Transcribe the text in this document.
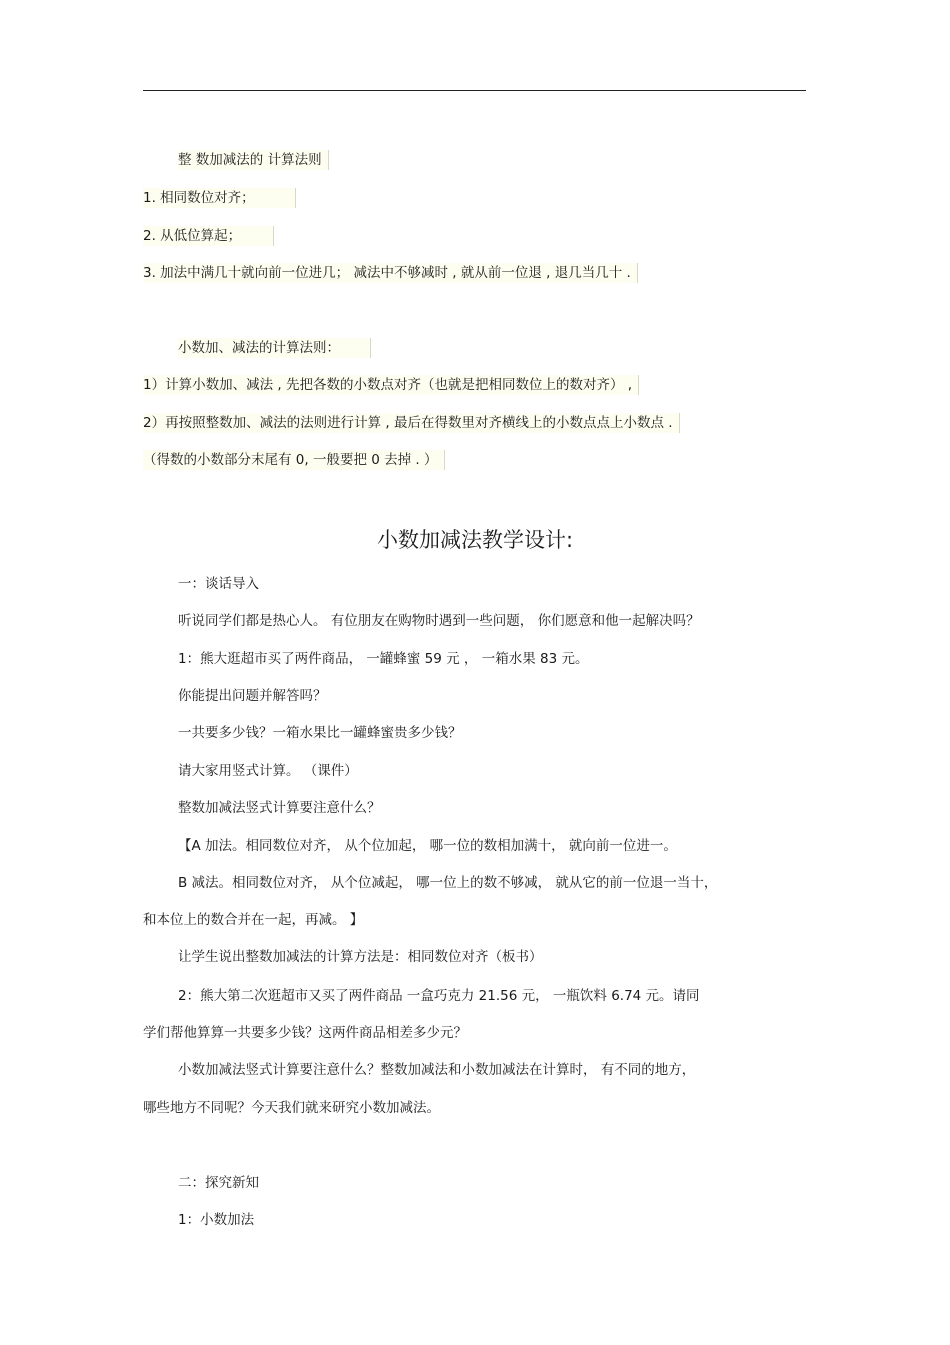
整 数加减法的 计算法则
1. 相同数位对齐；
2. 从低位算起；
3. 加法中满几十就向前一位进几； 减法中不够减时 , 就从前一位退 , 退几当几十 .
小数加、减法的计算法则：
1）计算小数加、减法 , 先把各数的小数点对齐（也就是把相同数位上的数对齐） ,
2）再按照整数加、减法的法则进行计算 , 最后在得数里对齐横线上的小数点点上小数点 .
（得数的小数部分末尾有 0, 一般要把 0 去掉 . ）
小数加减法教学设计:
一：谈话导入
听说同学们都是热心人。 有位朋友在购物时遇到一些问题， 你们愿意和他一起解决吗？
1：熊大逛超市买了两件商品， 一罐蜂蜜 59 元 ， 一箱水果 83 元。
你能提出问题并解答吗？
一共要多少钱？一箱水果比一罐蜂蜜贵多少钱？
请大家用竖式计算。 （课件）
整数加减法竖式计算要注意什么？
【A 加法。相同数位对齐， 从个位加起， 哪一位的数相加满十， 就向前一位进一。
B 减法。相同数位对齐， 从个位减起， 哪一位上的数不够减， 就从它的前一位退一当十，
和本位上的数合并在一起，再减。 】
让学生说出整数加减法的计算方法是：相同数位对齐（板书）
2：熊大第二次逛超市又买了两件商品 一盒巧克力 21.56 元， 一瓶饮料 6.74 元。请同
学们帮他算算一共要多少钱？这两件商品相差多少元？
小数加减法竖式计算要注意什么？整数加减法和小数加减法在计算时， 有不同的地方，
哪些地方不同呢？今天我们就来研究小数加减法。
二：探究新知
1：小数加法
